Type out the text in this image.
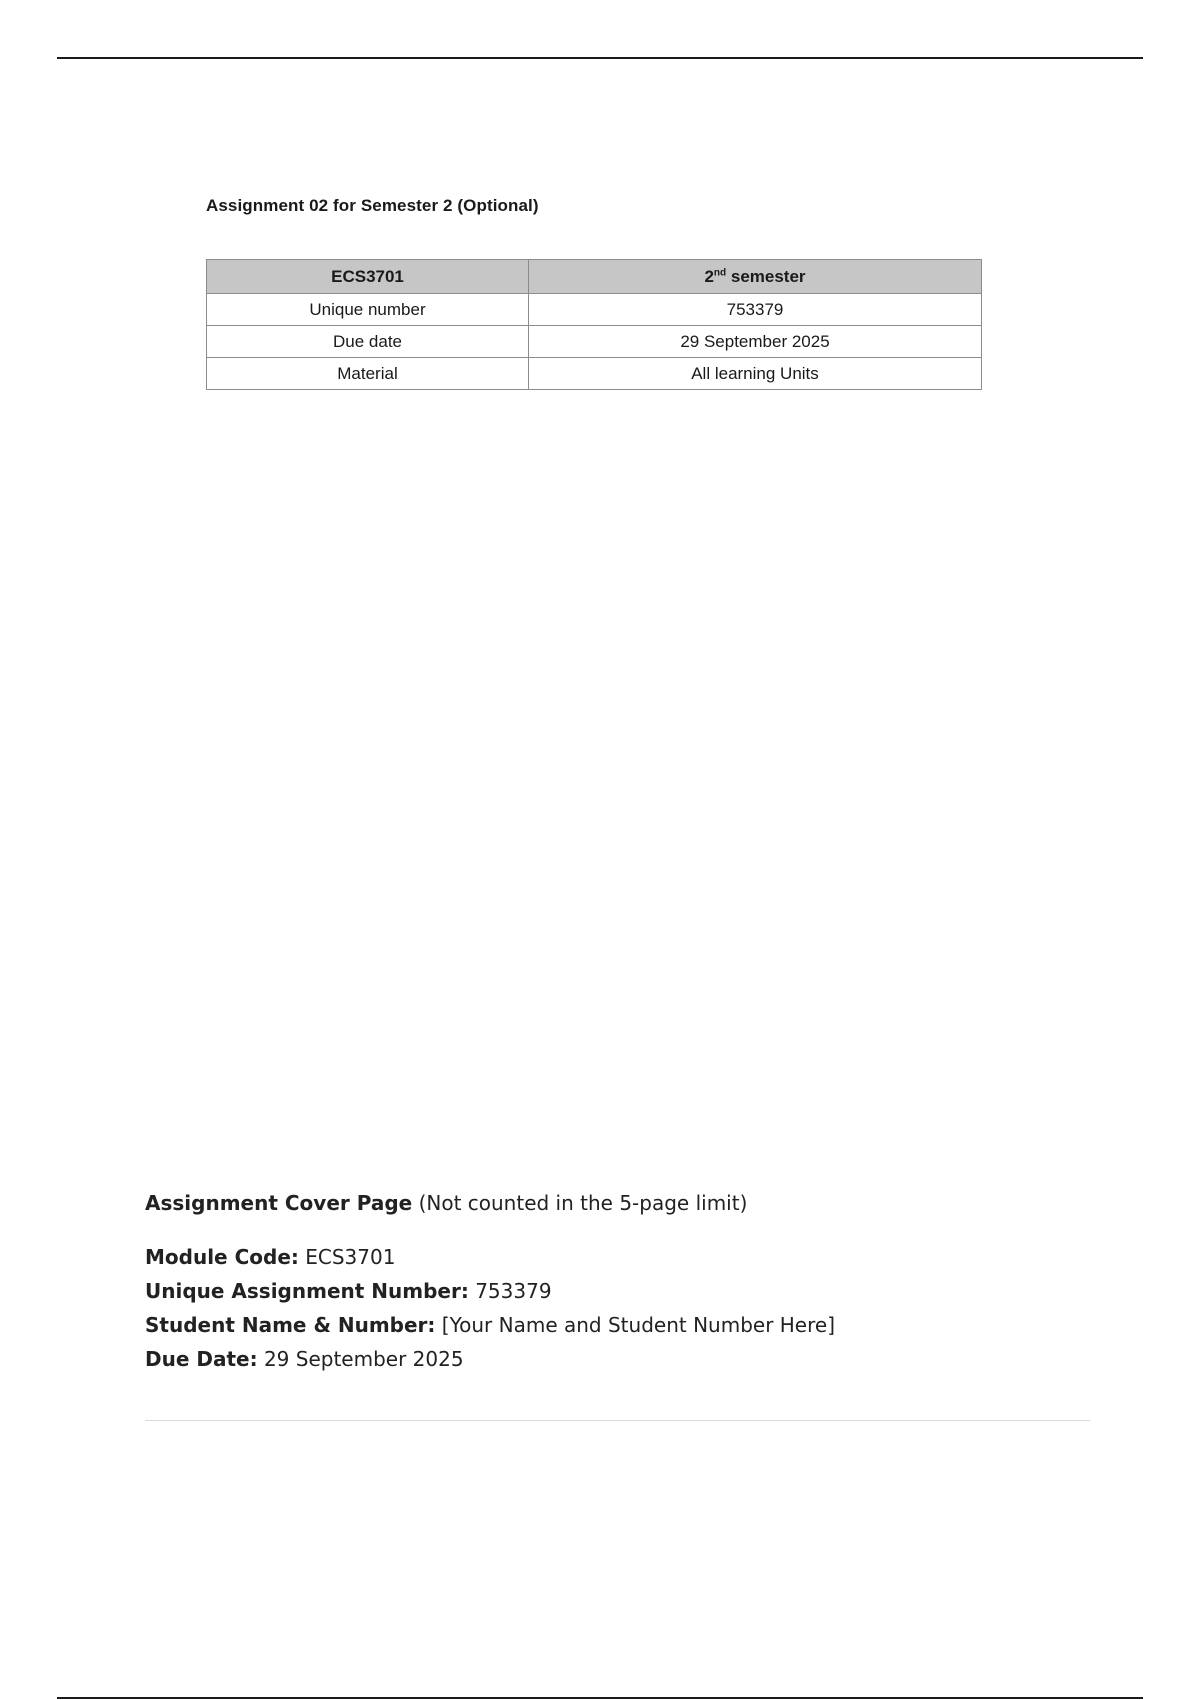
Assignment 02 for Semester 2 (Optional)
ECS3701	2nd semester
Unique number	753379
Due date	29 September 2025
Material	All learning Units

Assignment Cover Page (Not counted in the 5-page limit)

Module Code: ECS3701

Unique Assignment Number: 753379

Student Name & Number: [Your Name and Student Number Here]

Due Date: 29 September 2025
